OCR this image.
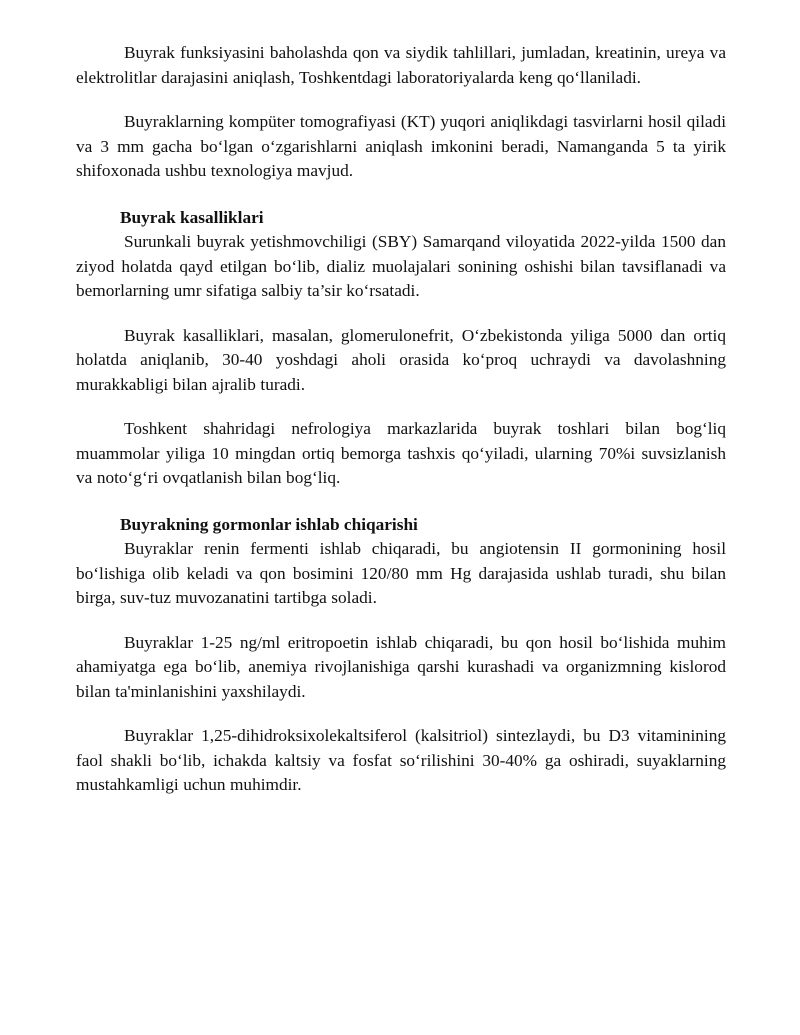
Buyrak funksiyasini baholashda qon va siydik tahlillari, jumladan, kreatinin, ureya va elektrolitlar darajasini aniqlash, Toshkentdagi laboratoriyalarda keng qo‘llaniladi.

Buyraklarning kompüter tomografiyasi (KT) yuqori aniqlikdagi tasvirlarni hosil qiladi va 3 mm gacha bo‘lgan o‘zgarishlarni aniqlash imkonini beradi, Namanganda 5 ta yirik shifoxonada ushbu texnologiya mavjud.

Buyrak kasalliklari

Surunkali buyrak yetishmovchiligi (SBY) Samarqand viloyatida 2022-yilda 1500 dan ziyod holatda qayd etilgan bo‘lib, dializ muolajalari sonining oshishi bilan tavsiflanadi va bemorlarning umr sifatiga salbiy ta’sir ko‘rsatadi.

Buyrak kasalliklari, masalan, glomerulonefrit, O‘zbekistonda yiliga 5000 dan ortiq holatda aniqlanib, 30-40 yoshdagi aholi orasida ko‘proq uchraydi va davolashning murakkabligi bilan ajralib turadi.

Toshkent shahridagi nefrologiya markazlarida buyrak toshlari bilan bog‘liq muammolar yiliga 10 mingdan ortiq bemorga tashxis qo‘yiladi, ularning 70%i suvsizlanish va noto‘g‘ri ovqatlanish bilan bog‘liq.

Buyrakning gormonlar ishlab chiqarishi

Buyraklar renin fermenti ishlab chiqaradi, bu angiotensin II gormonining hosil bo‘lishiga olib keladi va qon bosimini 120/80 mm Hg darajasida ushlab turadi, shu bilan birga, suv-tuz muvozanatini tartibga soladi.

Buyraklar 1-25 ng/ml eritropoetin ishlab chiqaradi, bu qon hosil bo‘lishida muhim ahamiyatga ega bo‘lib, anemiya rivojlanishiga qarshi kurashadi va organizmning kislorod bilan ta'minlanishini yaxshilaydi.

Buyraklar 1,25-dihidroksixolekaltsiferol (kalsitriol) sintezlaydi, bu D3 vitaminining faol shakli bo‘lib, ichakda kaltsiy va fosfat so‘rilishini 30-40% ga oshiradi, suyaklarning mustahkamligi uchun muhimdir.
